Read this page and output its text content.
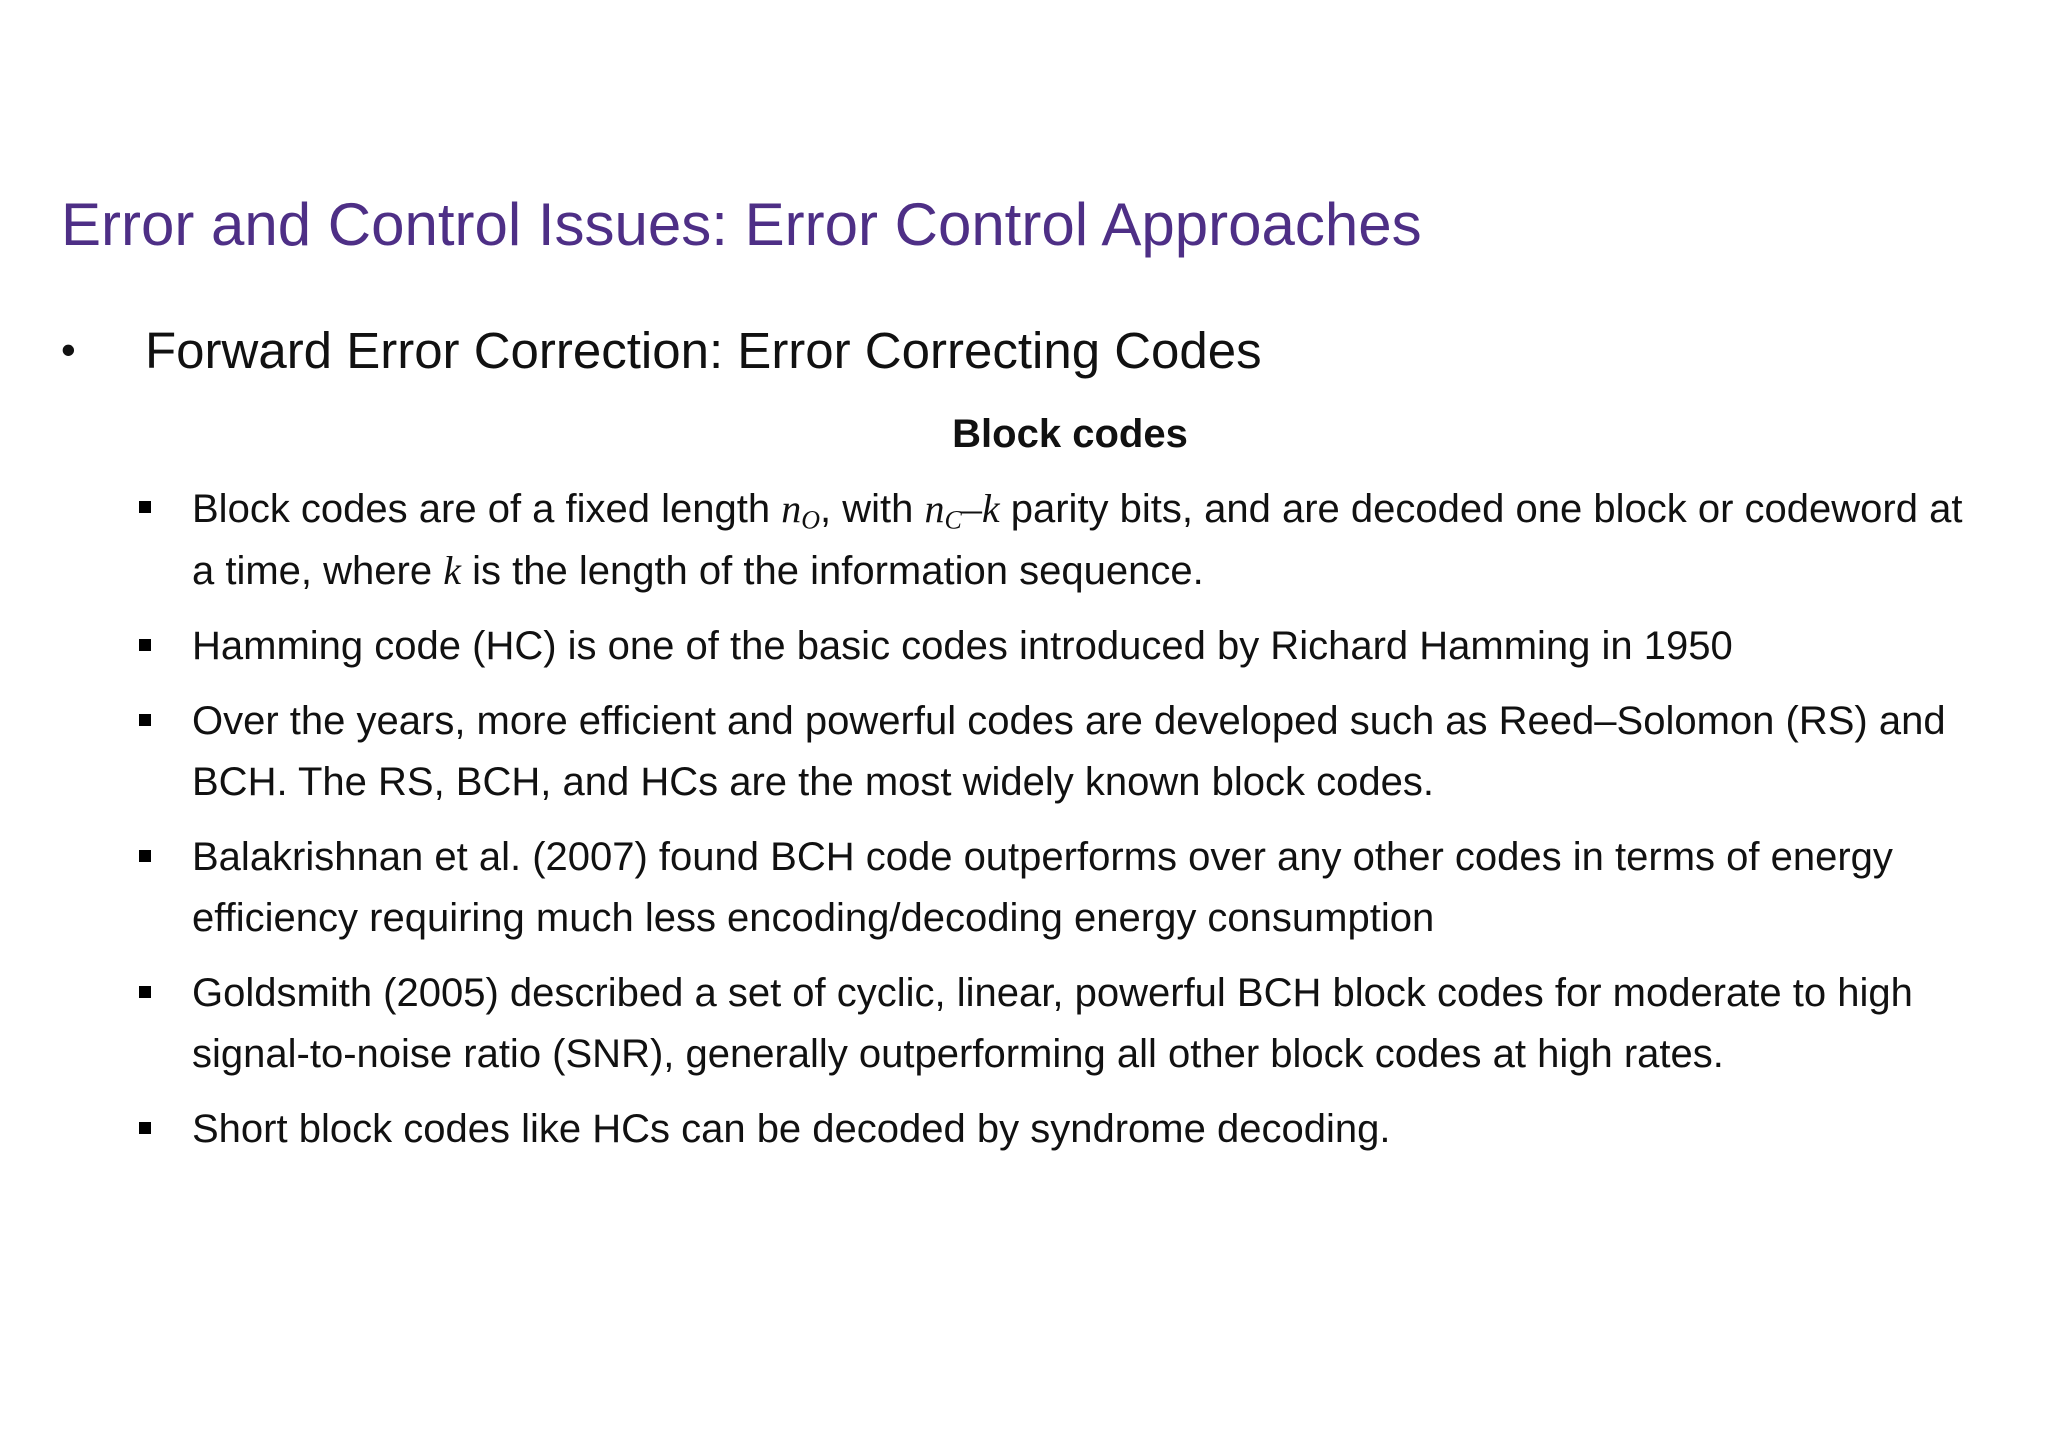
Error and Control Issues: Error Control Approaches
• Forward Error Correction: Error Correcting Codes
Block codes
Block codes are of a fixed length $n_O$, with $n_C-k$ parity bits, and are decoded one block or codeword at a time, where k is the length of the information sequence.
Hamming code (HC) is one of the basic codes introduced by Richard Hamming in 1950
Over the years, more efficient and powerful codes are developed such as Reed–Solomon (RS) and BCH. The RS, BCH, and HCs are the most widely known block codes.
Balakrishnan et al. (2007) found BCH code outperforms over any other codes in terms of energy efficiency requiring much less encoding/decoding energy consumption
Goldsmith (2005) described a set of cyclic, linear, powerful BCH block codes for moderate to high signal-to-noise ratio (SNR), generally outperforming all other block codes at high rates.
Short block codes like HCs can be decoded by syndrome decoding.
